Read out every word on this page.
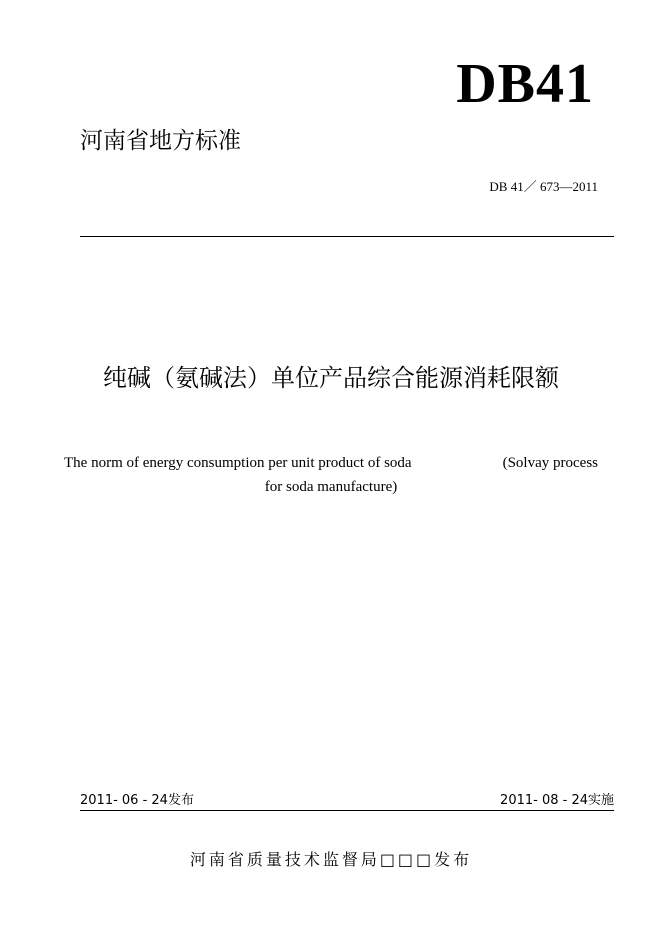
DB41
河南省地方标准
DB 41／ 673—2011
纯碱（氨碱法）单位产品综合能源消耗限额
The norm of energy consumption per unit product of soda	(Solvay process
for soda manufacture)
2011- 06 - 24发布	2011- 08 - 24实施
河南省质量技术监督局□□□发布
